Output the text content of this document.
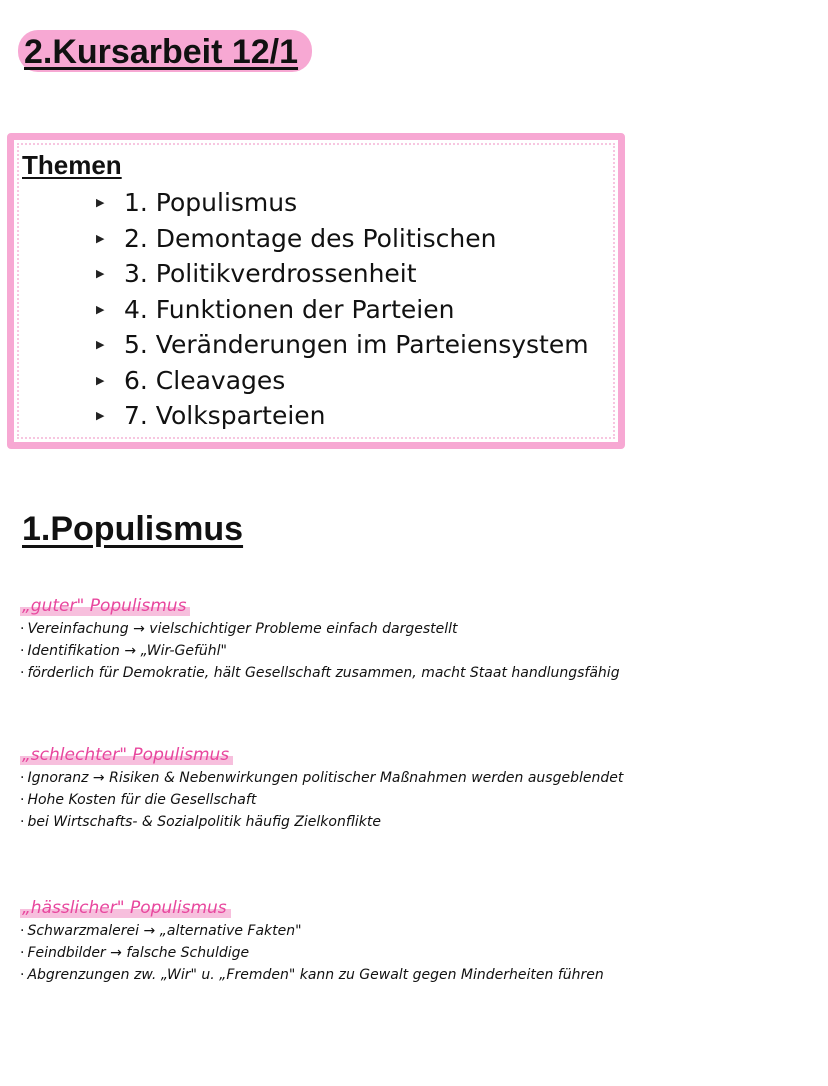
2.Kursarbeit 12/1
Themen
▶ 1. Populismus
▶ 2. Demontage des Politischen
▶ 3. Politikverdrossenheit
▶ 4. Funktionen der Parteien
▶ 5. Veränderungen im Parteiensystem
▶ 6. Cleavages
▶ 7. Volksparteien
1.Populismus
„guter" Populismus
· Vereinfachung → vielschichtiger Probleme einfach dargestellt
· Identifikation → „Wir-Gefühl"
· förderlich für Demokratie, hält Gesellschaft zusammen, macht Staat handlungsfähig
„schlechter" Populismus
· Ignoranz → Risiken & Nebenwirkungen politischer Maßnahmen werden ausgeblendet
· Hohe Kosten für die Gesellschaft
· bei Wirtschafts- & Sozialpolitik häufig Zielkonflikte
„hässlicher" Populismus
· Schwarzmalerei → „alternative Fakten"
· Feindbilder → falsche Schuldige
· Abgrenzungen zw. „Wir" u. „Fremden" kann zu Gewalt gegen Minderheiten führen
